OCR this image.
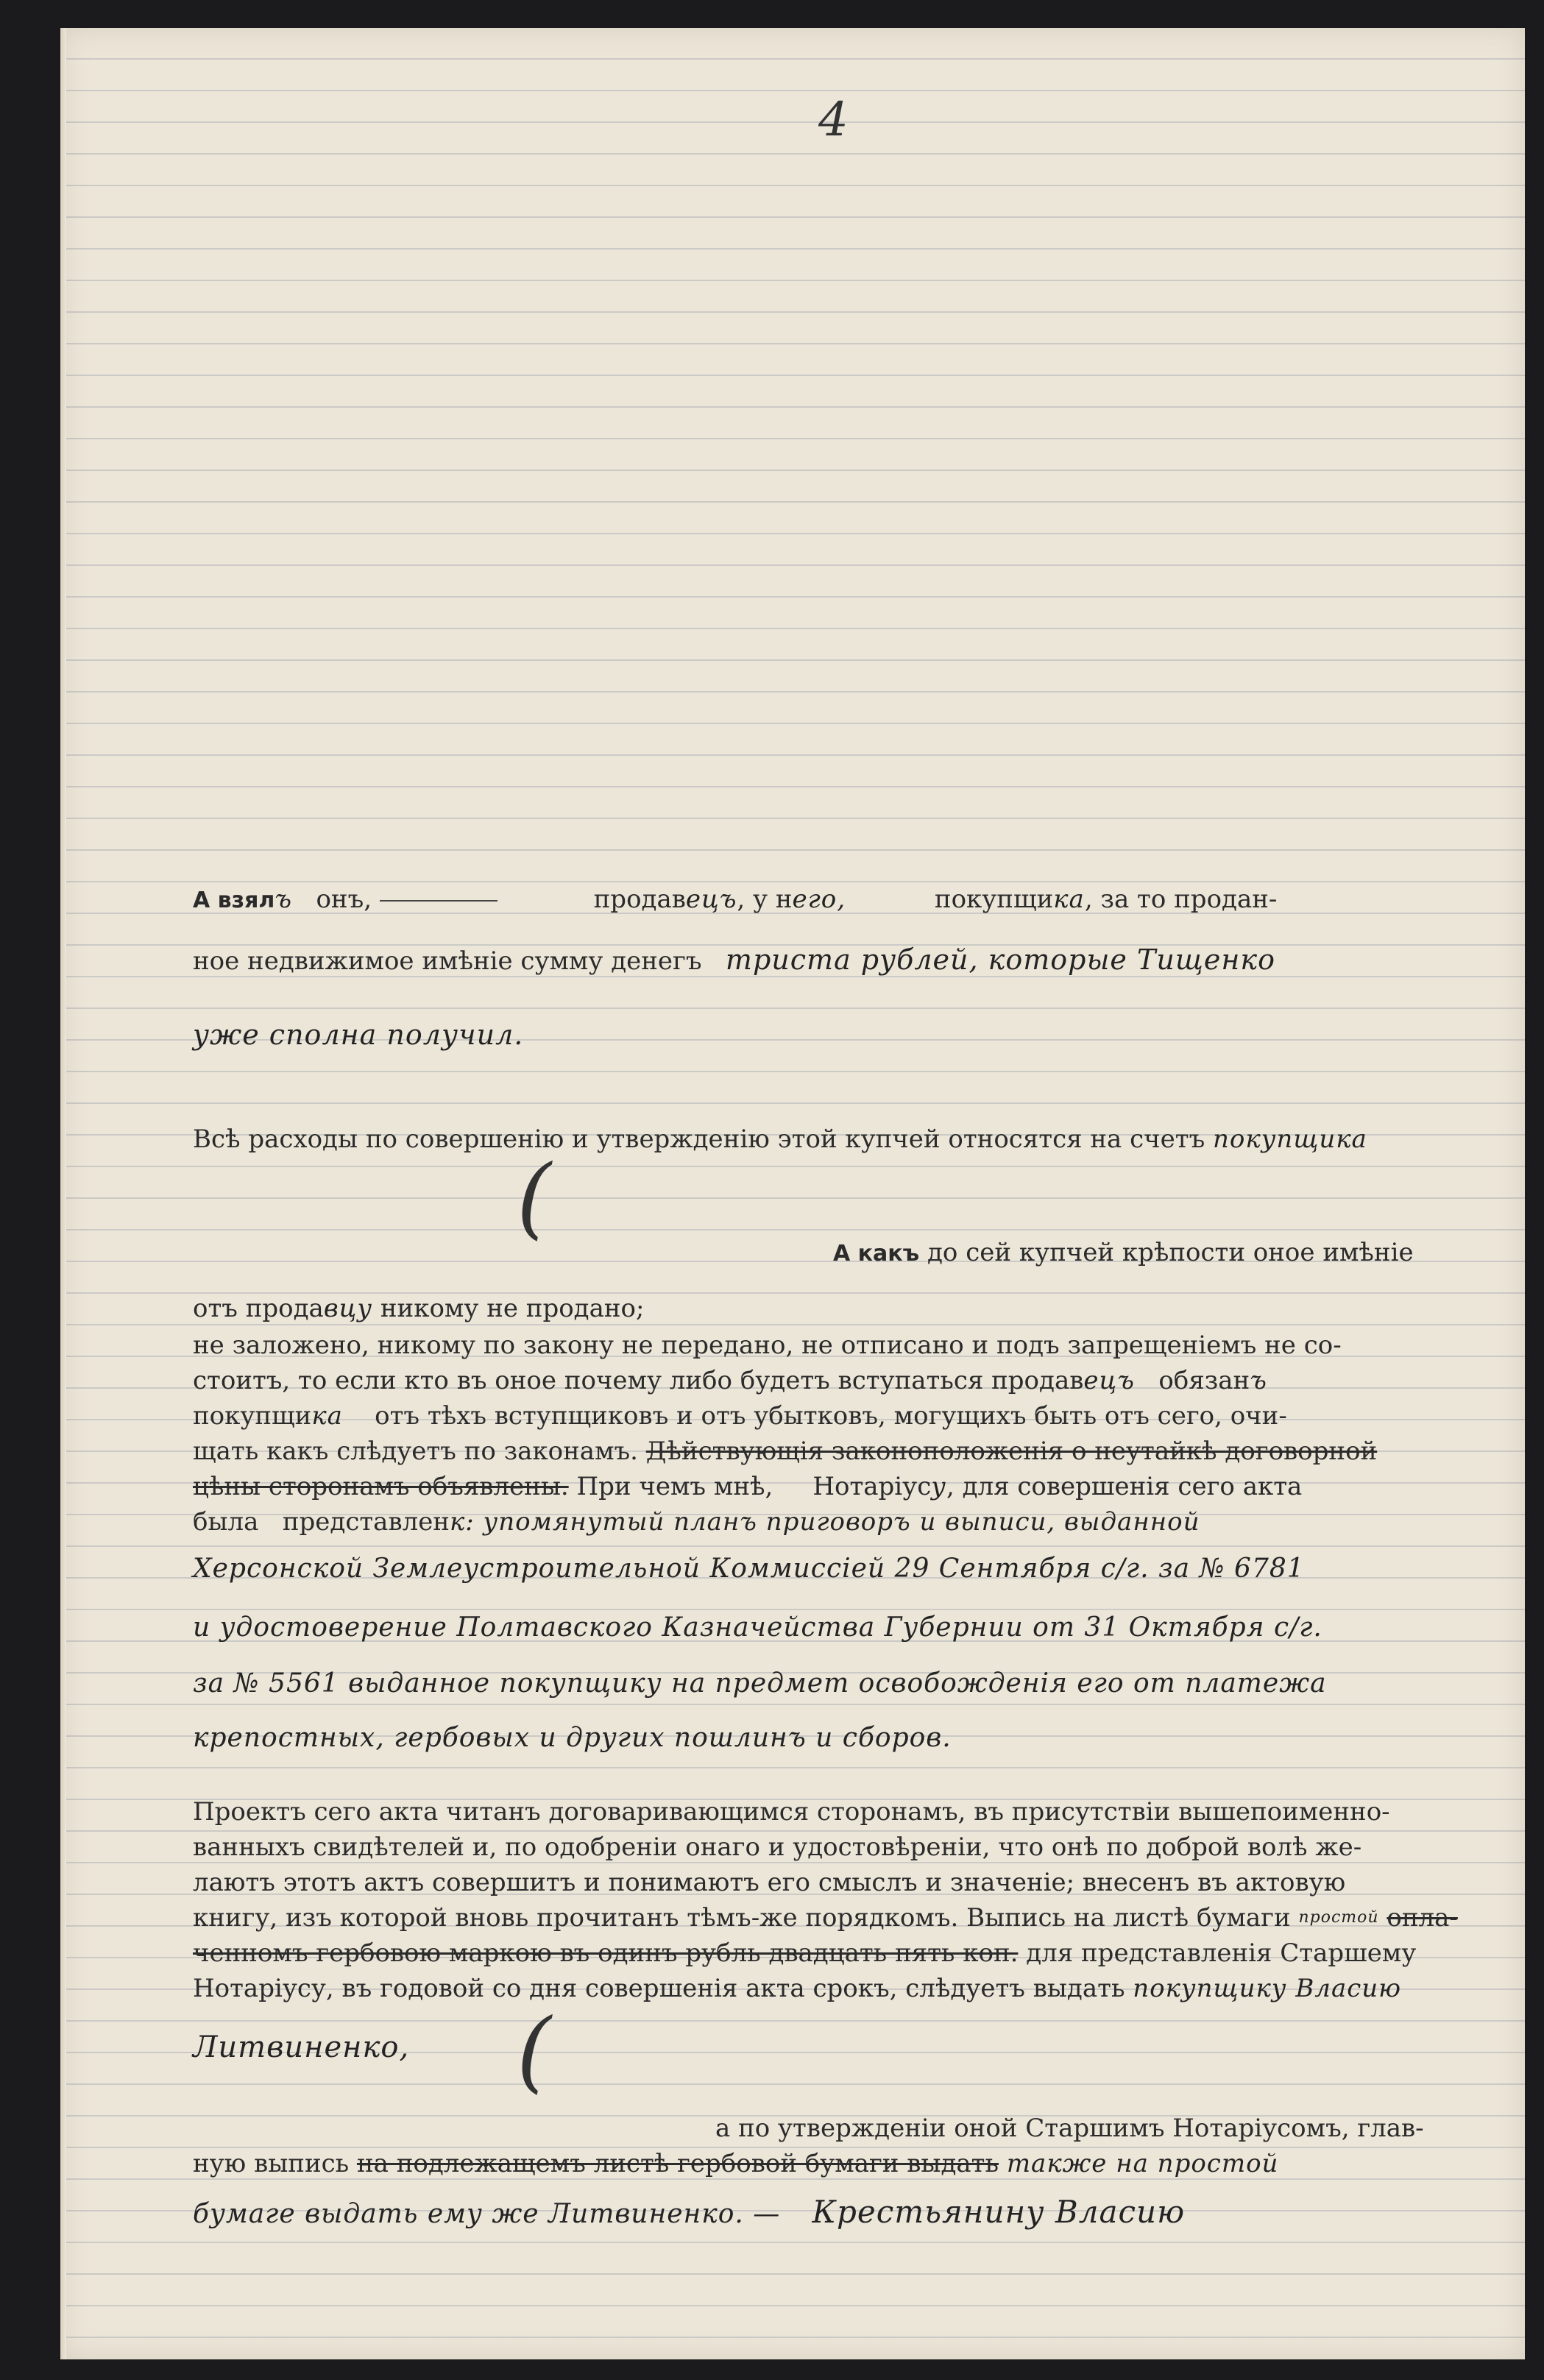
4
А взялъ онъ,	продавецъ, у него,	покупщика, за то продан-
ное недвижимое имѣніе сумму денегъ триста рублей, которые Тищенко
уже сполна получил.
Всѣ расходы по совершенію и утвержденію этой купчей относятся на счетъ покупщика
(
А какъ до сей купчей крѣпости оное имѣніе
отъ продавцу никому не продано;
не заложено, никому по закону не передано, не отписано и подъ запрещеніемъ не со-
стоитъ, то если кто въ оное почему либо будетъ вступаться продавецъ обязанъ
покупщика отъ тѣхъ вступщиковъ и отъ убытковъ, могущихъ быть отъ сего, очи-
щать какъ слѣдуетъ по законамъ. Дѣйствующія законоположенія о неутайкѣ договорной
цѣны сторонамъ объявлены. При чемъ мнѣ, Нотаріусу, для совершенія сего акта
была представленк: упомянутый планъ приговоръ и выписи, выданной
Херсонской Землеустроительной Коммиссіей 29 Сентября с/г. за № 6781
и удостоверение Полтавского Казначейства Губернии от 31 Октября с/г.
за № 5561 выданное покупщику на предмет освобожденія его от платежа
крепостных, гербовых и других пошлинъ и сборов.
Проектъ сего акта читанъ договаривающимся сторонамъ, въ присутствіи вышепоименно-
ванныхъ свидѣтелей и, по одобреніи онаго и удостовѣреніи, что онѣ по доброй волѣ же-
лаютъ этотъ актъ совершитъ и понимаютъ его смыслъ и значеніе; внесенъ въ актовую
книгу, изъ которой вновь прочитанъ тѣмъ-же порядкомъ. Выпись на листѣ бумаги $^{простой}$ опла-
ченномъ гербовою маркою въ одинъ рубль двадцать пять коп. для представленія Старшему
Нотаріусу, въ годовой со дня совершенія акта срокъ, слѣдуетъ выдать покупщику Власию
Литвиненко,	(
а по утвержденіи оной Старшимъ Нотаріусомъ, глав-
ную выпись на подлежащемъ листѣ гербовой бумаги выдать также на простой
бумаге выдать ему же Литвиненко. — Крестьянину Власию
